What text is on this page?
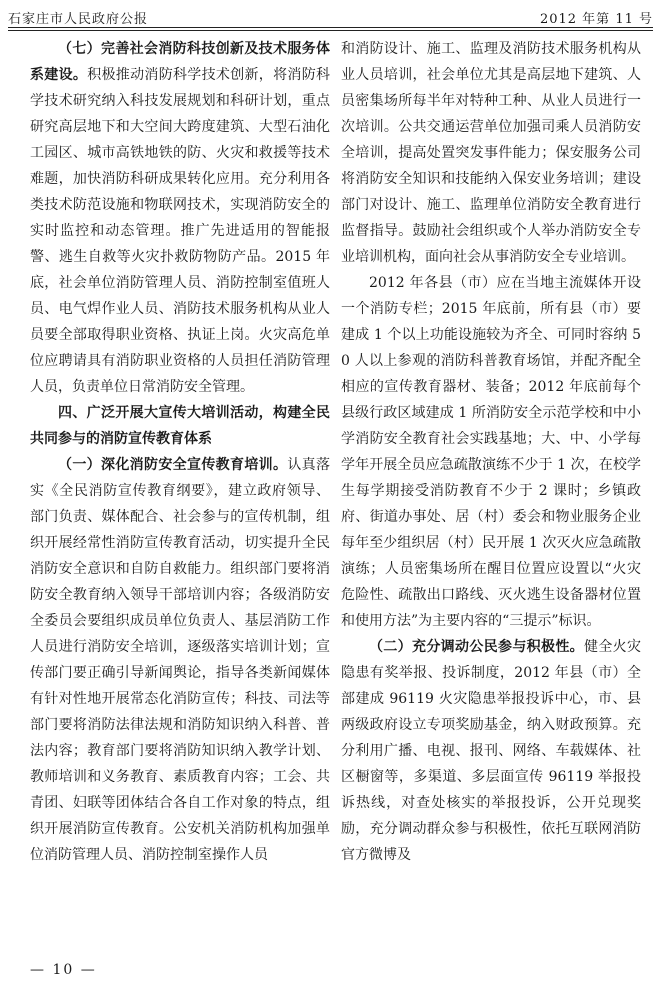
石家庄市人民政府公报	2012 年第 11 号

（七）完善社会消防科技创新及技术服务体系建设。积极推动消防科学技术创新，将消防科学技术研究纳入科技发展规划和科研计划，重点研究高层地下和大空间大跨度建筑、大型石油化工园区、城市高铁地铁的防、火灾和救援等技术难题，加快消防科研成果转化应用。充分利用各类技术防范设施和物联网技术，实现消防安全的实时监控和动态管理。推广先进适用的智能报警、逃生自救等火灾扑救防物防产品。2015 年底，社会单位消防管理人员、消防控制室值班人员、电气焊作业人员、消防技术服务机构从业人员要全部取得职业资格、执证上岗。火灾高危单位应聘请具有消防职业资格的人员担任消防管理人员，负责单位日常消防安全管理。

四、广泛开展大宣传大培训活动，构建全民共同参与的消防宣传教育体系

（一）深化消防安全宣传教育培训。认真落实《全民消防宣传教育纲要》，建立政府领导、部门负责、媒体配合、社会参与的宣传机制，组织开展经常性消防宣传教育活动，切实提升全民消防安全意识和自防自救能力。组织部门要将消防安全教育纳入领导干部培训内容；各级消防安全委员会要组织成员单位负责人、基层消防工作人员进行消防安全培训，逐级落实培训计划；宣传部门要正确引导新闻舆论，指导各类新闻媒体有针对性地开展常态化消防宣传；科技、司法等部门要将消防法律法规和消防知识纳入科普、普法内容；教育部门要将消防知识纳入教学计划、教师培训和义务教育、素质教育内容；工会、共青团、妇联等团体结合各自工作对象的特点，组织开展消防宣传教育。公安机关消防机构加强单位消防管理人员、消防控制室操作人员

和消防设计、施工、监理及消防技术服务机构从业人员培训，社会单位尤其是高层地下建筑、人员密集场所每半年对特种工种、从业人员进行一次培训。公共交通运营单位加强司乘人员消防安全培训，提高处置突发事件能力；保安服务公司将消防安全知识和技能纳入保安业务培训；建设部门对设计、施工、监理单位消防安全教育进行监督指导。鼓励社会组织或个人举办消防安全专业培训机构，面向社会从事消防安全专业培训。

2012 年各县（市）应在当地主流媒体开设一个消防专栏；2015 年底前，所有县（市）要建成 1 个以上功能设施较为齐全、可同时容纳 50 人以上参观的消防科普教育场馆，并配齐配全相应的宣传教育器材、装备；2012 年底前每个县级行政区域建成 1 所消防安全示范学校和中小学消防安全教育社会实践基地；大、中、小学每学年开展全员应急疏散演练不少于 1 次，在校学生每学期接受消防教育不少于 2 课时；乡镇政府、街道办事处、居（村）委会和物业服务企业每年至少组织居（村）民开展 1 次灭火应急疏散演练；人员密集场所在醒目位置应设置以“火灾危险性、疏散出口路线、灭火逃生设备器材位置和使用方法”为主要内容的“三提示”标识。

（二）充分调动公民参与积极性。健全火灾隐患有奖举报、投诉制度，2012 年县（市）全部建成 96119 火灾隐患举报投诉中心，市、县两级政府设立专项奖励基金，纳入财政预算。充分利用广播、电视、报刊、网络、车载媒体、社区橱窗等，多渠道、多层面宣传 96119 举报投诉热线，对查处核实的举报投诉，公开兑现奖励，充分调动群众参与积极性，依托互联网消防官方微博及

— 10 —
